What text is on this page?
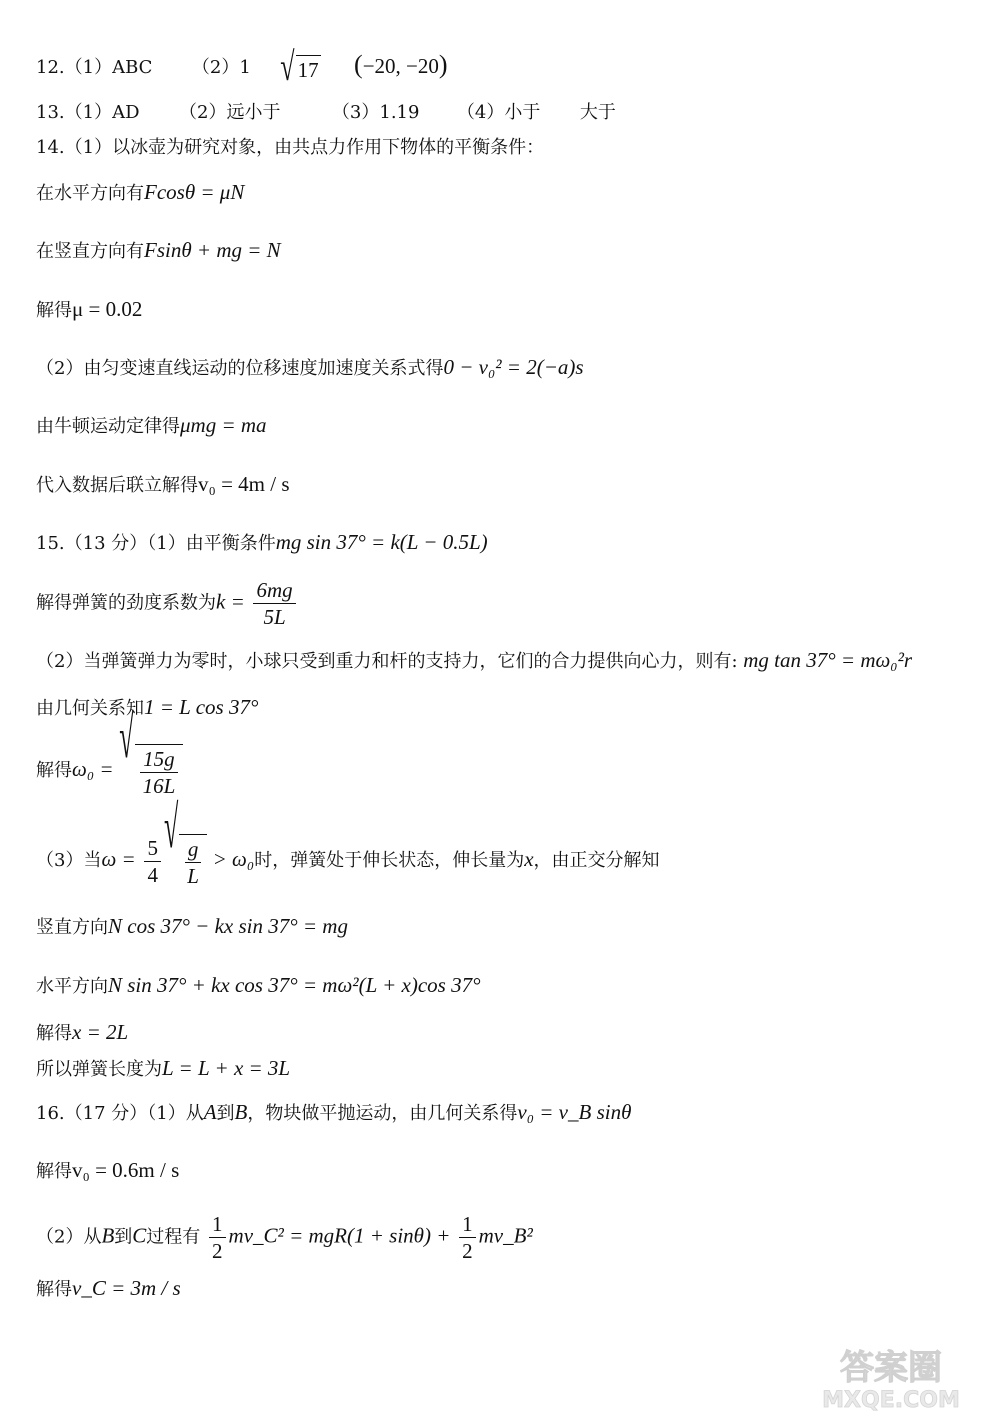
12.（1）ABC （2）1 √ 17 (−20, −20)
13.（1）AD （2）远小于	（3）1.19 （4）小于 大于
14.（1）以冰壶为研究对象，由共点力作用下物体的平衡条件：
在水平方向有Fcosθ = μN
在竖直方向有Fsinθ + mg = N
解得μ = 0.02
（2）由匀变速直线运动的位移速度加速度关系式得0 − v₀² = 2(−a)s
由牛顿运动定律得μmg = ma
代入数据后联立解得v₀ = 4m / s
15.（13 分）（1）由平衡条件mg sin 37° = k(L − 0.5L)
解得弹簧的劲度系数为$k = \frac{6mg}{5L}$
（2）当弹簧弹力为零时，小球只受到重力和杆的支持力，它们的合力提供向心力，则有: mg tan 37° = mω₀²r
由几何关系知1 = L cos 37°
解得ω₀ = √
$\frac{15g}{16L}$
（3）当$\omega = \frac{5}{4}$ √
$\frac{g}{L} > \omega_0$时，弹簧处于伸长状态，伸长量为x，由正交分解知
竖直方向N cos 37° − kx sin 37° = mg
水平方向N sin 37° + kx cos 37° = mω²(L + x)cos 37°
解得x = 2L
所以弹簧长度为L = L + x = 3L
16.（17 分）（1）从A到B，物块做平抛运动，由几何关系得v₀ = v_B sinθ
解得v₀ = 0.6m / s
（2）从B到C过程有 $\frac{1}{2}$ mv_C² = $mgR(1 + \sin\theta) + \frac{1}{2}$ mv_B²
解得v_C = 3m / s
答案圈
MXQE.COM
